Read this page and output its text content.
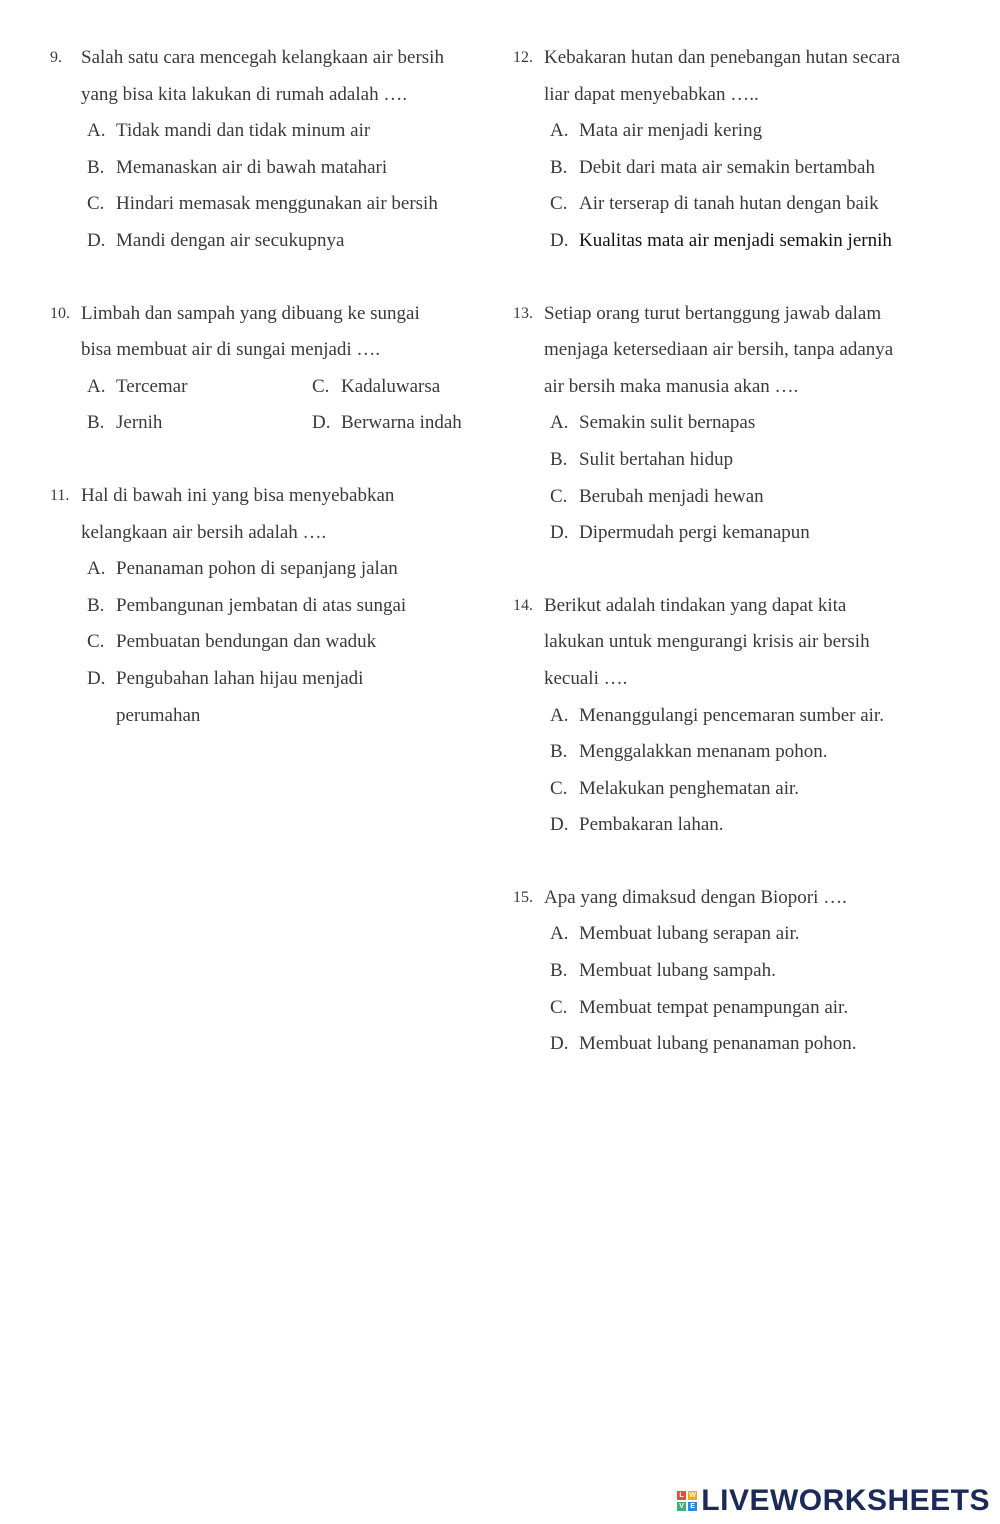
9. Salah satu cara mencegah kelangkaan air bersih
yang bisa kita lakukan di rumah adalah ….
A. Tidak mandi dan tidak minum air
B. Memanaskan air di bawah matahari
C. Hindari memasak menggunakan air bersih
D. Mandi dengan air secukupnya
10. Limbah dan sampah yang dibuang ke sungai
bisa membuat air di sungai menjadi ….
A. Tercemar	C. Kadaluwarsa
B. Jernih	D. Berwarna indah
11. Hal di bawah ini yang bisa menyebabkan
kelangkaan air bersih adalah ….
A. Penanaman pohon di sepanjang jalan
B. Pembangunan jembatan di atas sungai
C. Pembuatan bendungan dan waduk
D. Pengubahan lahan hijau menjadi
perumahan
12. Kebakaran hutan dan penebangan hutan secara
liar dapat menyebabkan …..
A. Mata air menjadi kering
B. Debit dari mata air semakin bertambah
C. Air terserap di tanah hutan dengan baik
D. Kualitas mata air menjadi semakin jernih
13. Setiap orang turut bertanggung jawab dalam
menjaga ketersediaan air bersih, tanpa adanya
air bersih maka manusia akan ….
A. Semakin sulit bernapas
B. Sulit bertahan hidup
C. Berubah menjadi hewan
D. Dipermudah pergi kemanapun
14. Berikut adalah tindakan yang dapat kita
lakukan untuk mengurangi krisis air bersih
kecuali ….
A. Menanggulangi pencemaran sumber air.
B. Menggalakkan menanam pohon.
C. Melakukan penghematan air.
D. Pembakaran lahan.
15. Apa yang dimaksud dengan Biopori ….
A. Membuat lubang serapan air.
B. Membuat lubang sampah.
C. Membuat tempat penampungan air.
D. Membuat lubang penanaman pohon.
L W
V E LIVEWORKSHEETS
